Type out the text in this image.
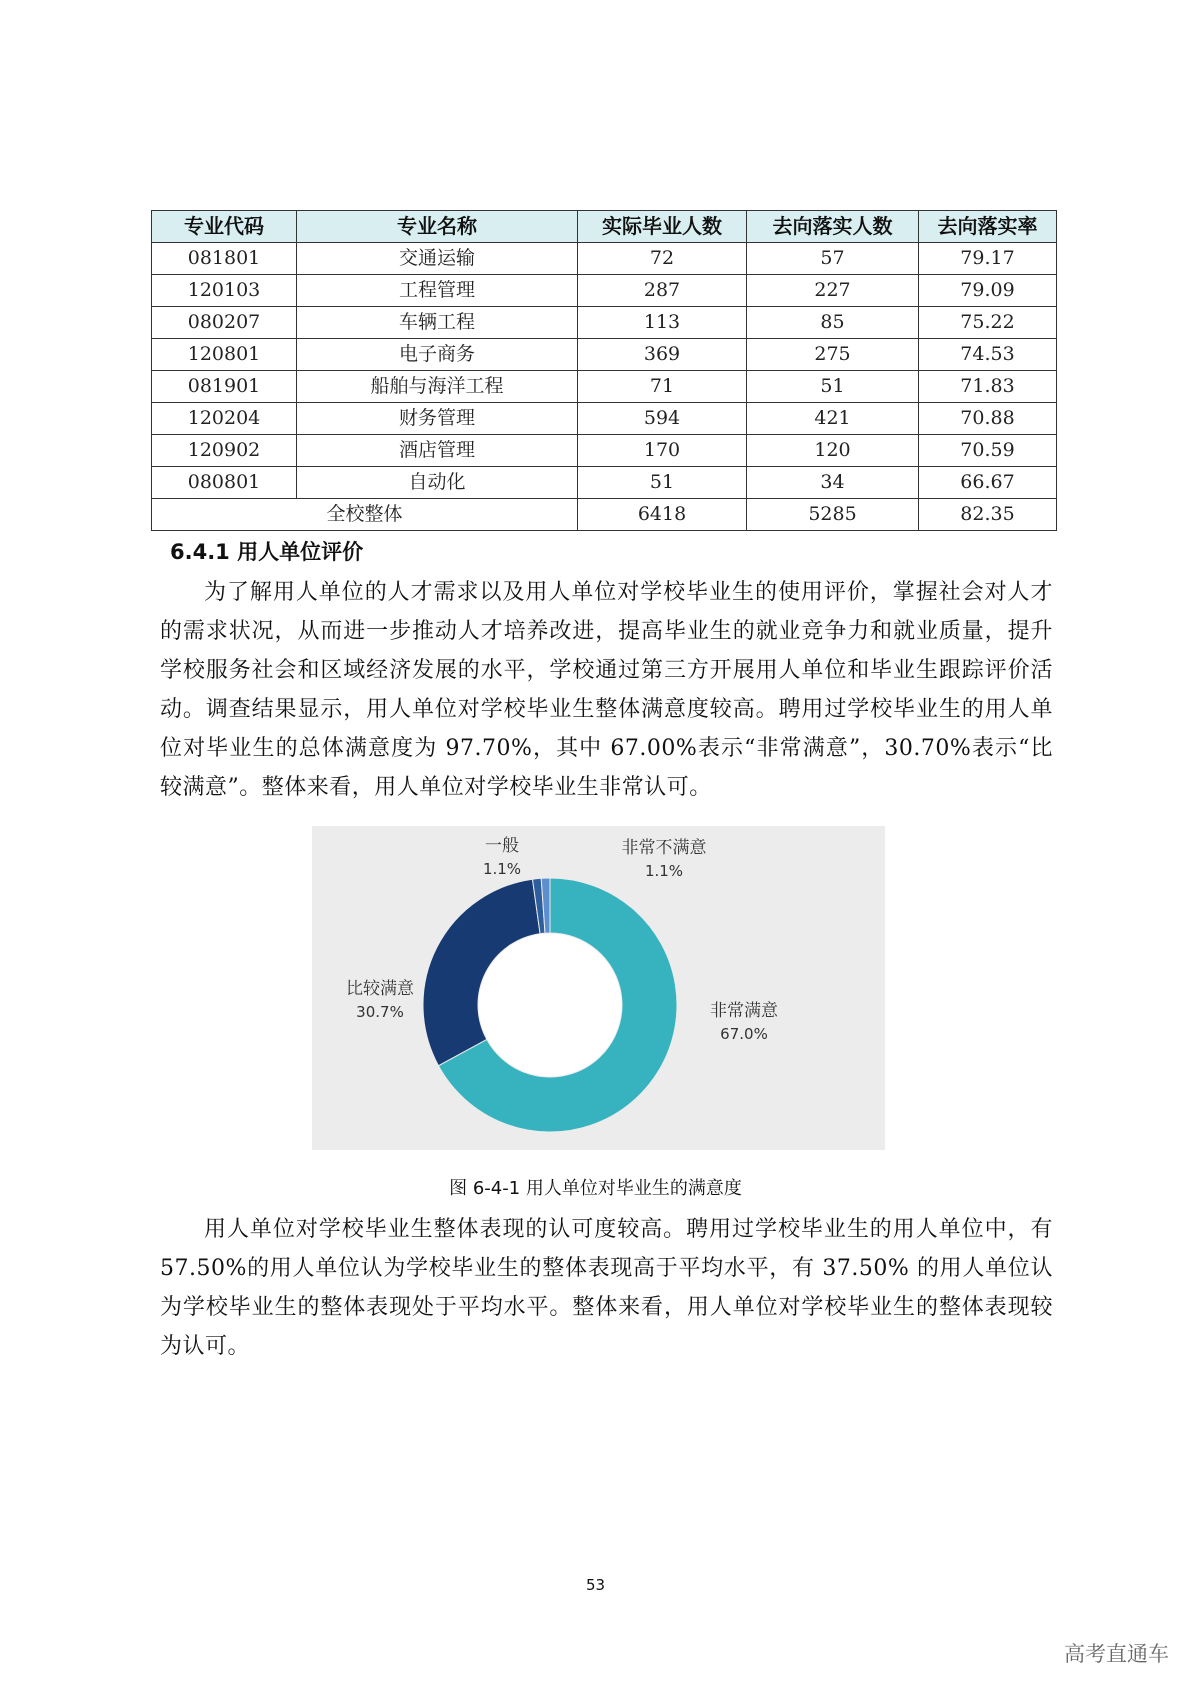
专业代码	专业名称	实际毕业人数	去向落实人数	去向落实率
081801	交通运输	72	57	79.17
120103	工程管理	287	227	79.09
080207	车辆工程	113	85	75.22
120801	电子商务	369	275	74.53
081901	船舶与海洋工程	71	51	71.83
120204	财务管理	594	421	70.88
120902	酒店管理	170	120	70.59
080801	自动化	51	34	66.67
全校整体		6418	5285	82.35
6.4.1 用人单位评价

为了解用人单位的人才需求以及用人单位对学校毕业生的使用评价，掌握社会对人才的需求状况，从而进一步推动人才培养改进，提高毕业生的就业竞争力和就业质量，提升学校服务社会和区域经济发展的水平，学校通过第三方开展用人单位和毕业生跟踪评价活动。调查结果显示，用人单位对学校毕业生整体满意度较高。聘用过学校毕业生的用人单位对毕业生的总体满意度为 97.70%，其中 67.00%表示“非常满意”，30.70%表示“比较满意”。整体来看，用人单位对学校毕业生非常认可。

非常满意
67.0%
比较满意
30.7%
一般
1.1%
非常不满意
1.1%

图 6-4-1 用人单位对毕业生的满意度

用人单位对学校毕业生整体表现的认可度较高。聘用过学校毕业生的用人单位中，有 57.50%的用人单位认为学校毕业生的整体表现高于平均水平，有 37.50% 的用人单位认为学校毕业生的整体表现处于平均水平。整体来看，用人单位对学校毕业生的整体表现较为认可。

53
高考直通车
